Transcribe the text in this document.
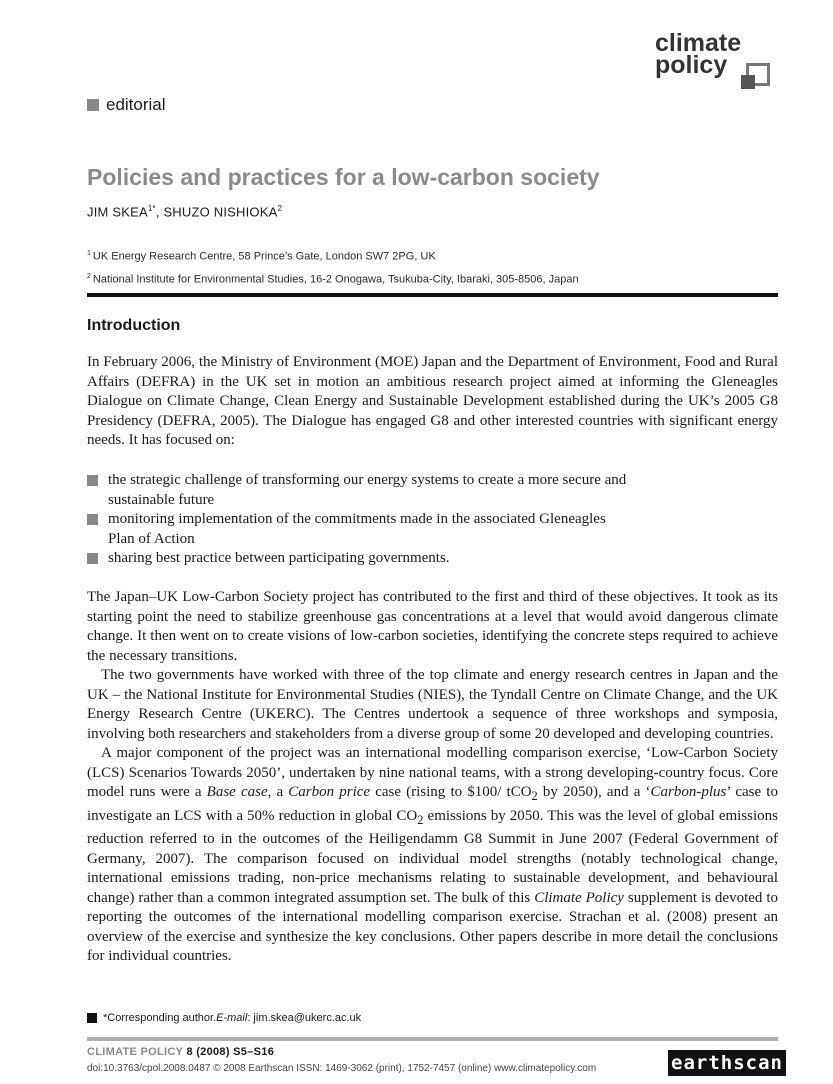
climate
policy
editorial
Policies and practices for a low-carbon society
JIM $SKEA^{1*}$, SHUZO NISHIOKA$^2$
$^1$ UK Energy Research Centre, 58 Prince’s Gate, London SW7 2PG, UK
$^2$ National Institute for Environmental Studies, 16-2 Onogawa, Tsukuba-City, Ibaraki, 305-8506, Japan
Introduction

In February 2006, the Ministry of Environment (MOE) Japan and the Department of Environment, Food and Rural Affairs (DEFRA) in the UK set in motion an ambitious research project aimed at informing the Gleneagles Dialogue on Climate Change, Clean Energy and Sustainable Development established during the UK’s 2005 G8 Presidency (DEFRA, 2005). The Dialogue has engaged G8 and other interested countries with significant energy needs. It has focused on:

the strategic challenge of transforming our energy systems to create a more secure and
sustainable future
monitoring implementation of the commitments made in the associated Gleneagles
Plan of Action
sharing best practice between participating governments.

The Japan–UK Low-Carbon Society project has contributed to the first and third of these objectives. It took as its starting point the need to stabilize greenhouse gas concentrations at a level that would avoid dangerous climate change. It then went on to create visions of low-carbon societies, identifying the concrete steps required to achieve the necessary transitions.

The two governments have worked with three of the top climate and energy research centres in Japan and the UK – the National Institute for Environmental Studies (NIES), the Tyndall Centre on Climate Change, and the UK Energy Research Centre (UKERC). The Centres undertook a sequence of three workshops and symposia, involving both researchers and stakeholders from a diverse group of some 20 developed and developing countries.

A major component of the project was an international modelling comparison exercise, ‘Low-Carbon Society (LCS) Scenarios Towards 2050’, undertaken by nine national teams, with a strong developing-country focus. Core model runs were a Base case, a Carbon price case (rising to $100/ tCO$_2$ by 2050), and a ‘Carbon-plus’ case to investigate an LCS with a 50% reduction in global $CO_2$ emissions by 2050. This was the level of global emissions reduction referred to in the outcomes of the Heiligendamm G8 Summit in June 2007 (Federal Government of Germany, 2007). The comparison focused on individual model strengths (notably technological change, international emissions trading, non-price mechanisms relating to sustainable development, and behavioural change) rather than a common integrated assumption set. The bulk of this Climate Policy supplement is devoted to reporting the outcomes of the international modelling comparison exercise. Strachan et al. (2008) present an overview of the exercise and synthesize the key conclusions. Other papers describe in more detail the conclusions for individual countries.

*Corresponding author. E-mail : jim.skea@ukerc.ac.uk
CLIMATE POLICY 8 (2008) S5–S16
doi:10.3763/cpol.2008.0487 © 2008 Earthscan ISSN: 1469-3062 (print), 1752-7457 (online) www.climatepolicy.com	earthscan
